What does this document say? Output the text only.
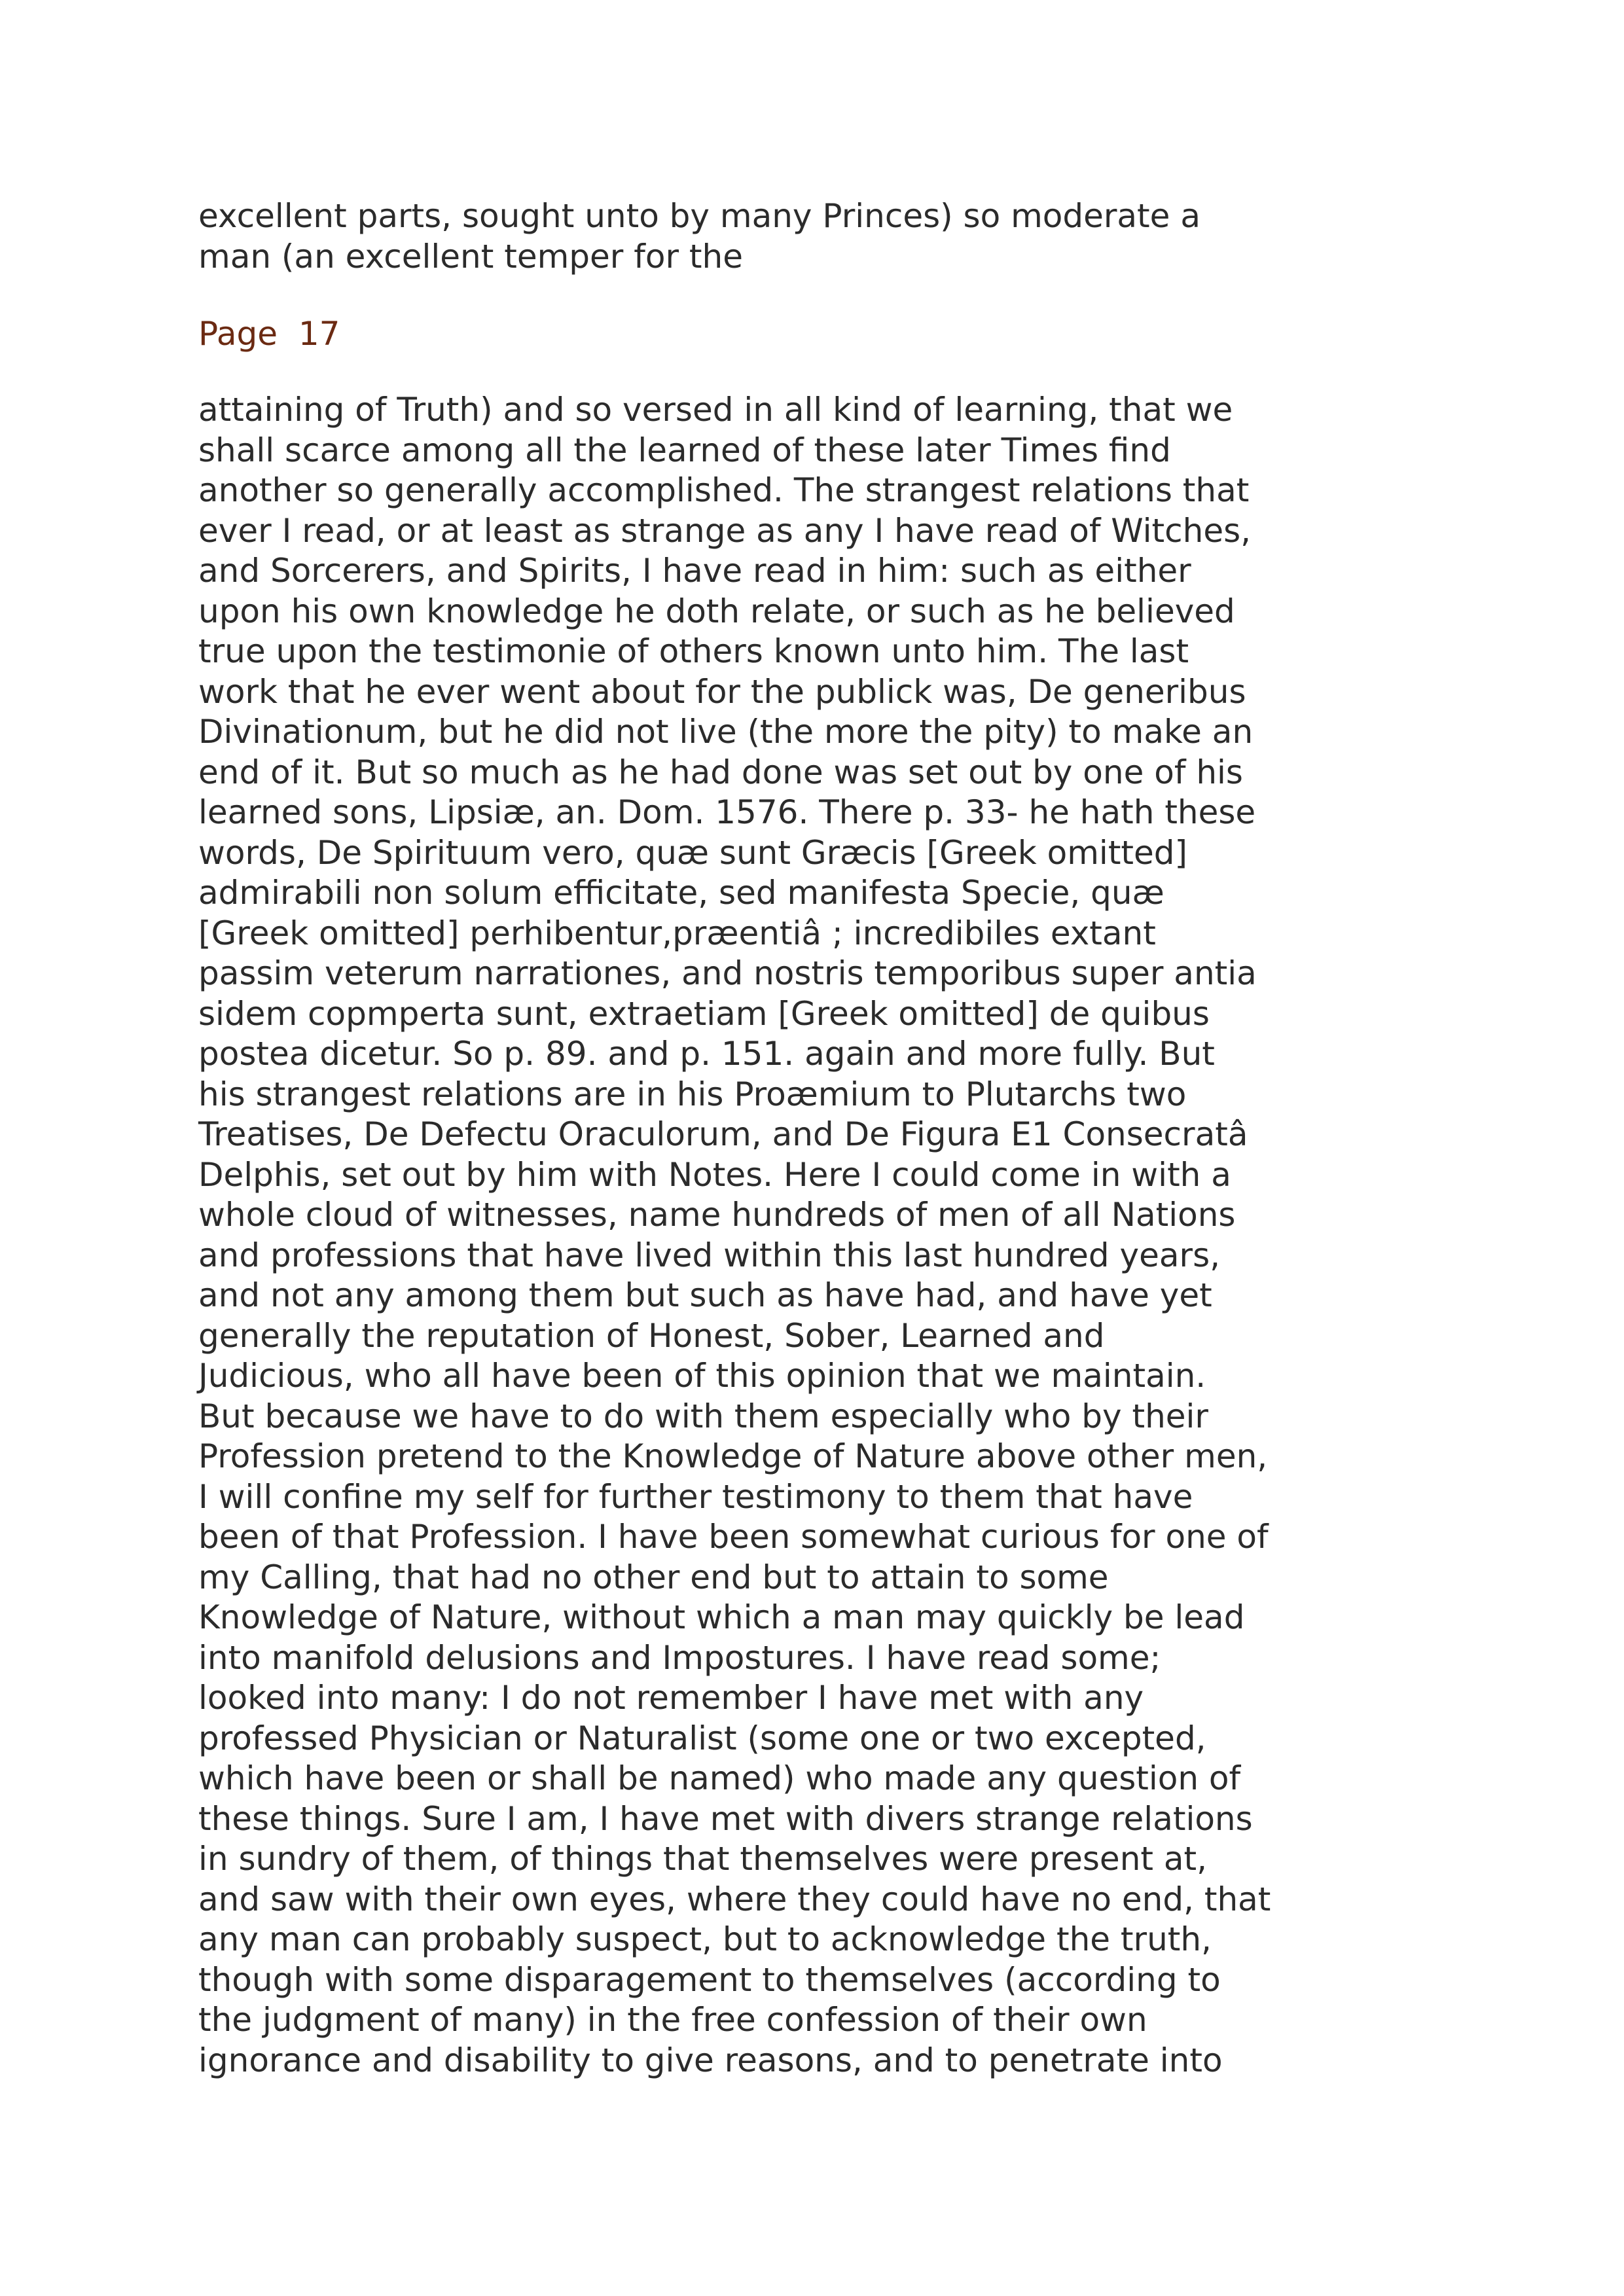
excellent parts, sought unto by many Princes) so moderate a
man (an excellent temper for the
Page 17
attaining of Truth) and so versed in all kind of learning, that we
shall scarce among all the learned of these later Times find
another so generally accomplished. The strangest relations that
ever I read, or at least as strange as any I have read of Witches,
and Sorcerers, and Spirits, I have read in him: such as either
upon his own knowledge he doth relate, or such as he believed
true upon the testimonie of others known unto him. The last
work that he ever went about for the publick was, De generibus
Divinationum, but he did not live (the more the pity) to make an
end of it. But so much as he had done was set out by one of his
learned sons, Lipsiæ, an. Dom. 1576. There p. 33- he hath these
words, De Spirituum vero, quæ sunt Græcis [Greek omitted]
admirabili non solum efficitate, sed manifesta Specie, quæ
[Greek omitted] perhibentur,præentiâ ; incredibiles extant
passim veterum narrationes, and nostris temporibus super antia
sidem copmperta sunt, extraetiam [Greek omitted] de quibus
postea dicetur. So p. 89. and p. 151. again and more fully. But
his strangest relations are in his Proæmium to Plutarchs two
Treatises, De Defectu Oraculorum, and De Figura E1 Consecratâ
Delphis, set out by him with Notes. Here I could come in with a
whole cloud of witnesses, name hundreds of men of all Nations
and professions that have lived within this last hundred years,
and not any among them but such as have had, and have yet
generally the reputation of Honest, Sober, Learned and
Judicious, who all have been of this opinion that we maintain.
But because we have to do with them especially who by their
Profession pretend to the Knowledge of Nature above other men,
I will confine my self for further testimony to them that have
been of that Profession. I have been somewhat curious for one of
my Calling, that had no other end but to attain to some
Knowledge of Nature, without which a man may quickly be lead
into manifold delusions and Impostures. I have read some;
looked into many: I do not remember I have met with any
professed Physician or Naturalist (some one or two excepted,
which have been or shall be named) who made any question of
these things. Sure I am, I have met with divers strange relations
in sundry of them, of things that themselves were present at,
and saw with their own eyes, where they could have no end, that
any man can probably suspect, but to acknowledge the truth,
though with some disparagement to themselves (according to
the judgment of many) in the free confession of their own
ignorance and disability to give reasons, and to penetrate into
